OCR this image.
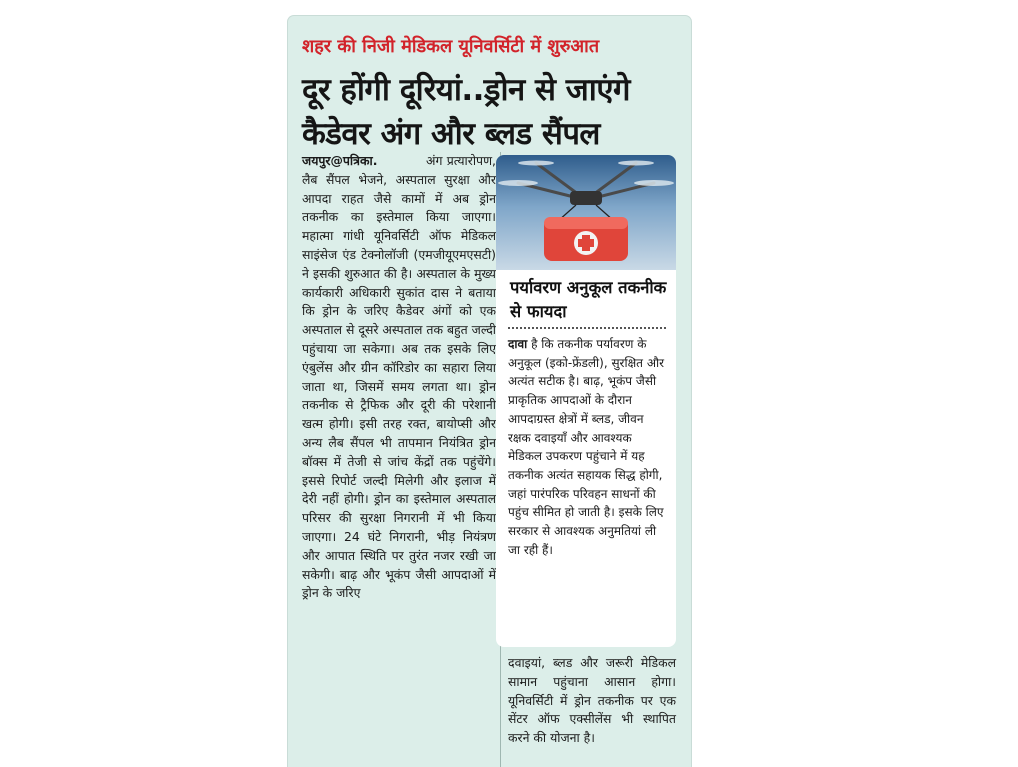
शहर की निजी मेडिकल यूनिवर्सिटी में शुरुआत
दूर होंगी दूरियां..ड्रोन से जाएंगे
कैडेवर अंग और ब्लड सैंपल

जयपुर@पत्रिका.	अंग प्रत्यारोपण, लैब सैंपल भेजने, अस्पताल सुरक्षा और आपदा राहत जैसे कामों में अब ड्रोन तकनीक का इस्तेमाल किया जाएगा। महात्मा गांधी यूनिवर्सिटी ऑफ मेडिकल साइंसेज एंड टेक्नोलॉजी (एमजीयूएमएसटी) ने इसकी शुरुआत की है। अस्पताल के मुख्य कार्यकारी अधिकारी सुकांत दास ने बताया कि ड्रोन के जरिए कैडेवर अंगों को एक अस्पताल से दूसरे अस्पताल तक बहुत जल्दी पहुंचाया जा सकेगा। अब तक इसके लिए एंबुलेंस और ग्रीन कॉरिडोर का सहारा लिया जाता था, जिसमें समय लगता था। ड्रोन तकनीक से ट्रैफिक और दूरी की परेशानी खत्म होगी। इसी तरह रक्त, बायोप्सी और अन्य लैब सैंपल भी तापमान नियंत्रित ड्रोन बॉक्स में तेजी से जांच केंद्रों तक पहुंचेंगे। इससे रिपोर्ट जल्दी मिलेगी और इलाज में देरी नहीं होगी। ड्रोन का इस्तेमाल अस्पताल परिसर की सुरक्षा निगरानी में भी किया जाएगा। 24 घंटे निगरानी, भीड़ नियंत्रण और आपात स्थिति पर तुरंत नजर रखी जा सकेगी। बाढ़ और भूकंप जैसी आपदाओं में ड्रोन के जरिए

पर्यावरण अनुकूल तकनीक से फायदा
दावा है कि तकनीक पर्यावरण के अनुकूल (इको-फ्रेंडली), सुरक्षित और अत्यंत सटीक है। बाढ़, भूकंप जैसी प्राकृतिक आपदाओं के दौरान आपदाग्रस्त क्षेत्रों में ब्लड, जीवन रक्षक दवाइयाँ और आवश्यक मेडिकल उपकरण पहुंचाने में यह तकनीक अत्यंत सहायक सिद्ध होगी, जहां पारंपरिक परिवहन साधनों की पहुंच सीमित हो जाती है। इसके लिए सरकार से आवश्यक अनुमतियां ली जा रही हैं।
दवाइयां, ब्लड और जरूरी मेडिकल सामान पहुंचाना आसान होगा। यूनिवर्सिटी में ड्रोन तकनीक पर एक सेंटर ऑफ एक्सीलेंस भी स्थापित करने की योजना है।
